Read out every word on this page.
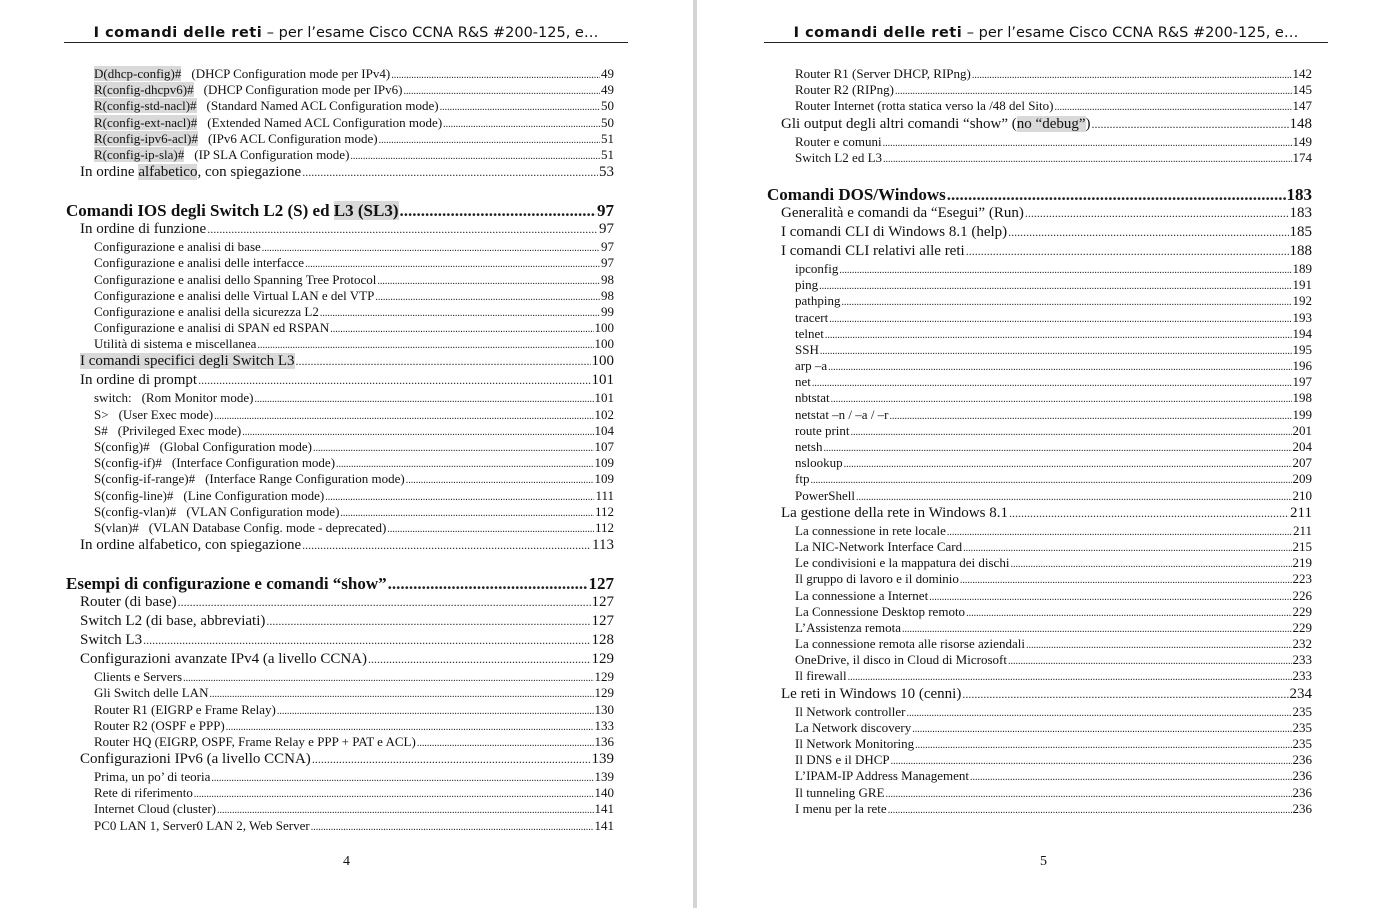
I comandi delle reti – per l’esame Cisco CCNA R&S #200-125, e…
D(dhcp-config)# (DHCP Configuration mode per IPv4) .....	49
R(config-dhcpv6)# (DHCP Configuration mode per IPv6) .....	49
R(config-std-nacl)# (Standard Named ACL Configuration mode) .....	50
R(config-ext-nacl)# (Extended Named ACL Configuration mode) .....	50
R(config-ipv6-acl)# (IPv6 ACL Configuration mode) .....	51
R(config-ip-sla)# (IP SLA Configuration mode) .....	51
In ordine alfabetico, con spiegazione .....	53
Comandi IOS degli Switch L2 (S) ed L3 (SL3) .....	97
In ordine di funzione .....	97
Configurazione e analisi di base .....	97
Configurazione e analisi delle interfacce .....	97
Configurazione e analisi dello Spanning Tree Protocol .....	98
Configurazione e analisi delle Virtual LAN e del VTP .....	98
Configurazione e analisi della sicurezza L2 .....	99
Configurazione e analisi di SPAN ed RSPAN .....	100
Utilità di sistema e miscellanea .....	100
I comandi specifici degli Switch L3 .....	100
In ordine di prompt .....	101
switch: (Rom Monitor mode) .....	101
S> (User Exec mode) .....	102
S# (Privileged Exec mode) .....	104
S(config)# (Global Configuration mode) .....	107
S(config-if)# (Interface Configuration mode) .....	109
S(config-if-range)# (Interface Range Configuration mode) .....	109
S(config-line)# (Line Configuration mode) .....	111
S(config-vlan)# (VLAN Configuration mode) .....	112
S(vlan)# (VLAN Database Config. mode - deprecated) .....	112
In ordine alfabetico, con spiegazione .....	113
Esempi di configurazione e comandi “show” .....	127
Router (di base) .....	127
Switch L2 (di base, abbreviati) .....	127
Switch L3 .....	128
Configurazioni avanzate IPv4 (a livello CCNA) .....	129
Clients e Servers .....	129
Gli Switch delle LAN .....	129
Router R1 (EIGRP e Frame Relay) .....	130
Router R2 (OSPF e PPP) .....	133
Router HQ (EIGRP, OSPF, Frame Relay e PPP + PAT e ACL) .....	136
Configurazioni IPv6 (a livello CCNA) .....	139
Prima, un po’ di teoria .....	139
Rete di riferimento .....	140
Internet Cloud (cluster) .....	141
PC0 LAN 1, Server0 LAN 2, Web Server .....	141
4
I comandi delle reti – per l’esame Cisco CCNA R&S #200-125, e…
Router R1 (Server DHCP, RIPng) .....	142
Router R2 (RIPng) .....	145
Router Internet (rotta statica verso la /48 del Sito) .....	147
Gli output degli altri comandi “show” (no “debug”) .....	148
Router e comuni .....	149
Switch L2 ed L3 .....	174
Comandi DOS/Windows .....	183
Generalità e comandi da “Esegui” (Run) .....	183
I comandi CLI di Windows 8.1 (help) .....	185
I comandi CLI relativi alle reti .....	188
ipconfig .....	189
ping .....	191
pathping .....	192
tracert .....	193
telnet .....	194
SSH .....	195
arp –a .....	196
net .....	197
nbtstat .....	198
netstat –n / –a / –r .....	199
route print .....	201
netsh .....	204
nslookup .....	207
ftp .....	209
PowerShell .....	210
La gestione della rete in Windows 8.1 .....	211
La connessione in rete locale .....	211
La NIC-Network Interface Card .....	215
Le condivisioni e la mappatura dei dischi .....	219
Il gruppo di lavoro e il dominio .....	223
La connessione a Internet .....	226
La Connessione Desktop remoto .....	229
L’Assistenza remota .....	229
La connessione remota alle risorse aziendali .....	232
OneDrive, il disco in Cloud di Microsoft .....	233
Il firewall .....	233
Le reti in Windows 10 (cenni) .....	234
Il Network controller .....	235
La Network discovery .....	235
Il Network Monitoring .....	235
Il DNS e il DHCP .....	236
L’IPAM-IP Address Management .....	236
Il tunneling GRE .....	236
I menu per la rete .....	236
5
